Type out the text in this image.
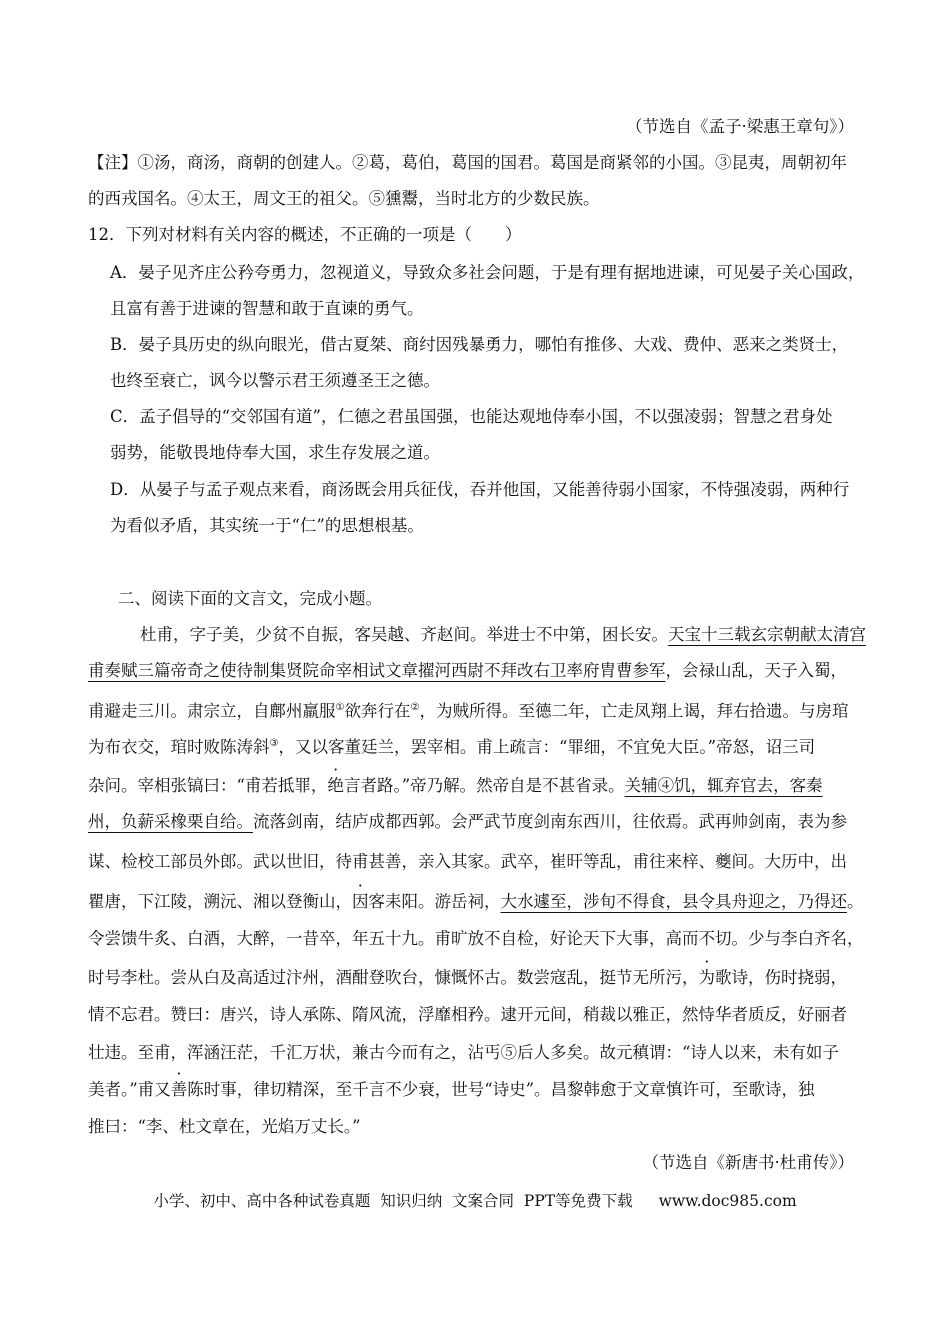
（节选自《孟子·梁惠王章句》）
【注】①汤，商汤，商朝的创建人。②葛，葛伯，葛国的国君。葛国是商紧邻的小国。③昆夷，周朝初年
的西戎国名。④太王，周文王的祖父。⑤獯鬻，当时北方的少数民族。
12．下列对材料有关内容的概述，不正确的一项是（　　）
A．晏子见齐庄公矜夸勇力，忽视道义，导致众多社会问题，于是有理有据地进谏，可见晏子关心国政，
且富有善于进谏的智慧和敢于直谏的勇气。
B．晏子具历史的纵向眼光，借古夏桀、商纣因残暴勇力，哪怕有推侈、大戏、费仲、恶来之类贤士，
也终至衰亡，讽今以警示君王须遵圣王之德。
C．孟子倡导的“交邻国有道”，仁德之君虽国强，也能达观地侍奉小国，不以强凌弱；智慧之君身处
弱势，能敬畏地侍奉大国，求生存发展之道。
D．从晏子与孟子观点来看，商汤既会用兵征伐，吞并他国，又能善待弱小国家，不恃强凌弱，两种行
为看似矛盾，其实统一于“仁”的思想根基。
二、阅读下面的文言文，完成小题。
杜甫，字子美，少贫不自振，客吴越、齐赵间。举进士不中第，困长安。天宝十三载玄宗朝献太清宫
甫奏赋三篇帝奇之使待制集贤院命宰相试文章擢河西尉不拜改右卫率府胄曹参军，会禄山乱，天子入蜀，
甫避走三川。肃宗立，自鄜州羸服①欲奔行在②，为贼所得。至德二年，亡走凤翔上谒，拜右拾遗。与房琯
为布衣交，琯时败陈涛斜③，又以客董廷兰，罢宰相。甫上疏言：“罪细，不宜免大臣。”帝怒，诏三司
杂问。宰相张镐曰：“甫若抵罪，绝言者路。”帝乃解。然帝自是不甚省录。关辅④饥，辄弃官去，客秦
州，负薪采橡栗自给。流落剑南，结庐成都西郭。会严武节度剑南东西川，往依焉。武再帅剑南，表为参
谋、检校工部员外郎。武以世旧，待甫甚善，亲入其家。武卒，崔旰等乱，甫往来梓、夔间。大历中，出
瞿唐，下江陵，溯沅、湘以登衡山，因客耒阳。游岳祠，大水遽至，涉旬不得食，县令具舟迎之，乃得还。
令尝馈牛炙、白酒，大醉，一昔卒，年五十九。甫旷放不自检，好论天下大事，高而不切。少与李白齐名，
时号李杜。尝从白及高适过汴州，酒酣登吹台，慷慨怀古。数尝寇乱，挺节无所污，为歌诗，伤时挠弱，
情不忘君。赞曰：唐兴，诗人承陈、隋风流，浮靡相矜。逮开元间，稍裁以雅正，然恃华者质反，好丽者
壮违。至甫，浑涵汪茫，千汇万状，兼古今而有之，沾丐⑤后人多矣。故元稹谓：“诗人以来，未有如子
美者。”甫又善陈时事，律切精深，至千言不少衰，世号“诗史”。昌黎韩愈于文章慎许可，至歌诗，独
推曰：“李、杜文章在，光焰万丈长。”
（节选自《新唐书·杜甫传》）
小学、初中、高中各种试卷真题  知识归纳  文案合同  PPT等免费下载 www.doc985.com
